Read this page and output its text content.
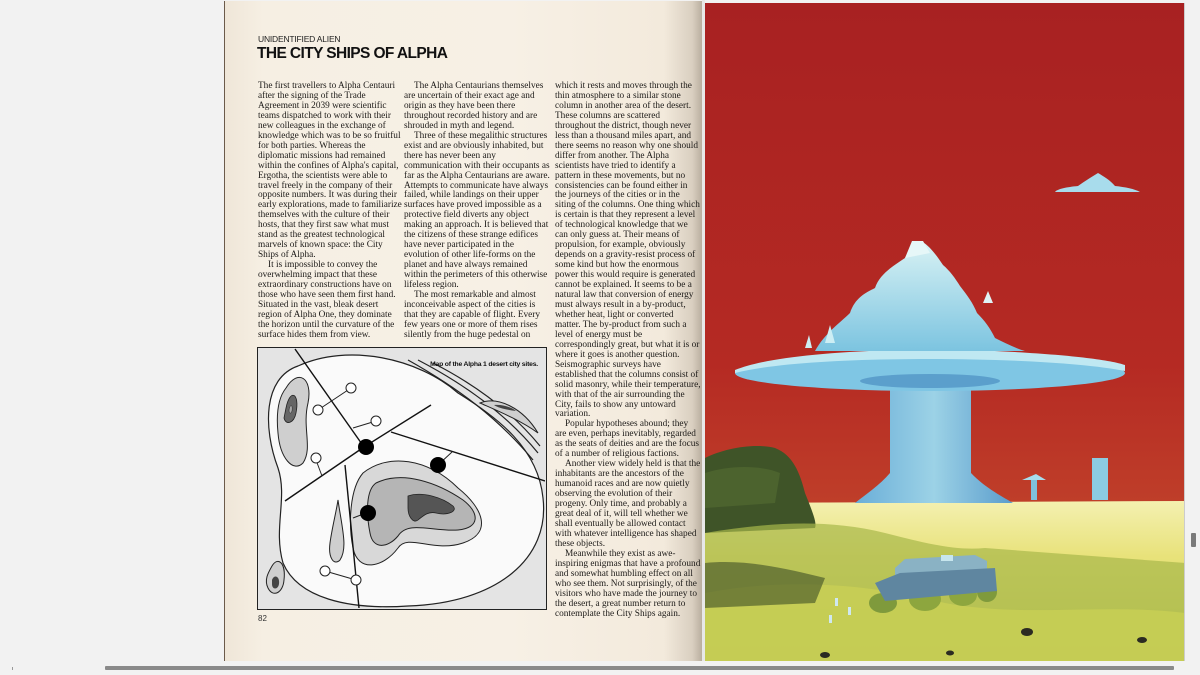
UNIDENTIFIED ALIEN
THE CITY SHIPS OF ALPHA

The first travellers to Alpha Centauri after the signing of the Trade Agreement in 2039 were scientific teams dispatched to work with their new colleagues in the exchange of knowledge which was to be so fruitful for both parties. Whereas the diplomatic missions had remained within the confines of Alpha's capital, Ergotha, the scientists were able to travel freely in the company of their opposite numbers. It was during their early explorations, made to familiarize themselves with the culture of their hosts, that they first saw what must stand as the greatest technological marvels of known space: the City Ships of Alpha.

It is impossible to convey the overwhelming impact that these extraordinary constructions have on those who have seen them first hand. Situated in the vast, bleak desert region of Alpha One, they dominate the horizon until the curvature of the surface hides them from view.

The Alpha Centaurians themselves are uncertain of their exact age and origin as they have been there throughout recorded history and are shrouded in myth and legend.

Three of these megalithic structures exist and are obviously inhabited, but there has never been any communication with their occupants as far as the Alpha Centaurians are aware. Attempts to communicate have always failed, while landings on their upper surfaces have proved impossible as a protective field diverts any object making an approach. It is believed that the citizens of these strange edifices have never participated in the evolution of other life-forms on the planet and have always remained within the perimeters of this otherwise lifeless region.

The most remarkable and almost inconceivable aspect of the cities is that they are capable of flight. Every few years one or more of them rises silently from the huge pedestal on

which it rests and moves through the thin atmosphere to a similar stone column in another area of the desert. These columns are scattered throughout the district, though never less than a thousand miles apart, and there seems no reason why one should differ from another. The Alpha scientists have tried to identify a pattern in these movements, but no consistencies can be found either in the journeys of the cities or in the siting of the columns. One thing which is certain is that they represent a level of technological knowledge that we can only guess at. Their means of propulsion, for example, obviously depends on a gravity-resist process of some kind but how the enormous power this would require is generated cannot be explained. It seems to be a natural law that conversion of energy must always result in a by-product, whether heat, light or converted matter. The by-product from such a level of energy must be correspondingly great, but what it is or where it goes is another question. Seismographic surveys have established that the columns consist of solid masonry, while their temperature, with that of the air surrounding the City, fails to show any untoward variation.

Popular hypotheses abound; they are even, perhaps inevitably, regarded as the seats of deities and are the focus of a number of religious factions.

Another view widely held is that the inhabitants are the ancestors of the humanoid races and are now quietly observing the evolution of their progeny. Only time, and probably a great deal of it, will tell whether we shall eventually be allowed contact with whatever intelligence has shaped these objects.

Meanwhile they exist as awe-inspiring enigmas that have a profound and somewhat humbling effect on all who see them. Not surprisingly, of the visitors who have made the journey to the desert, a great number return to contemplate the City Ships again.

Map of the Alpha 1 desert city sites.
82
